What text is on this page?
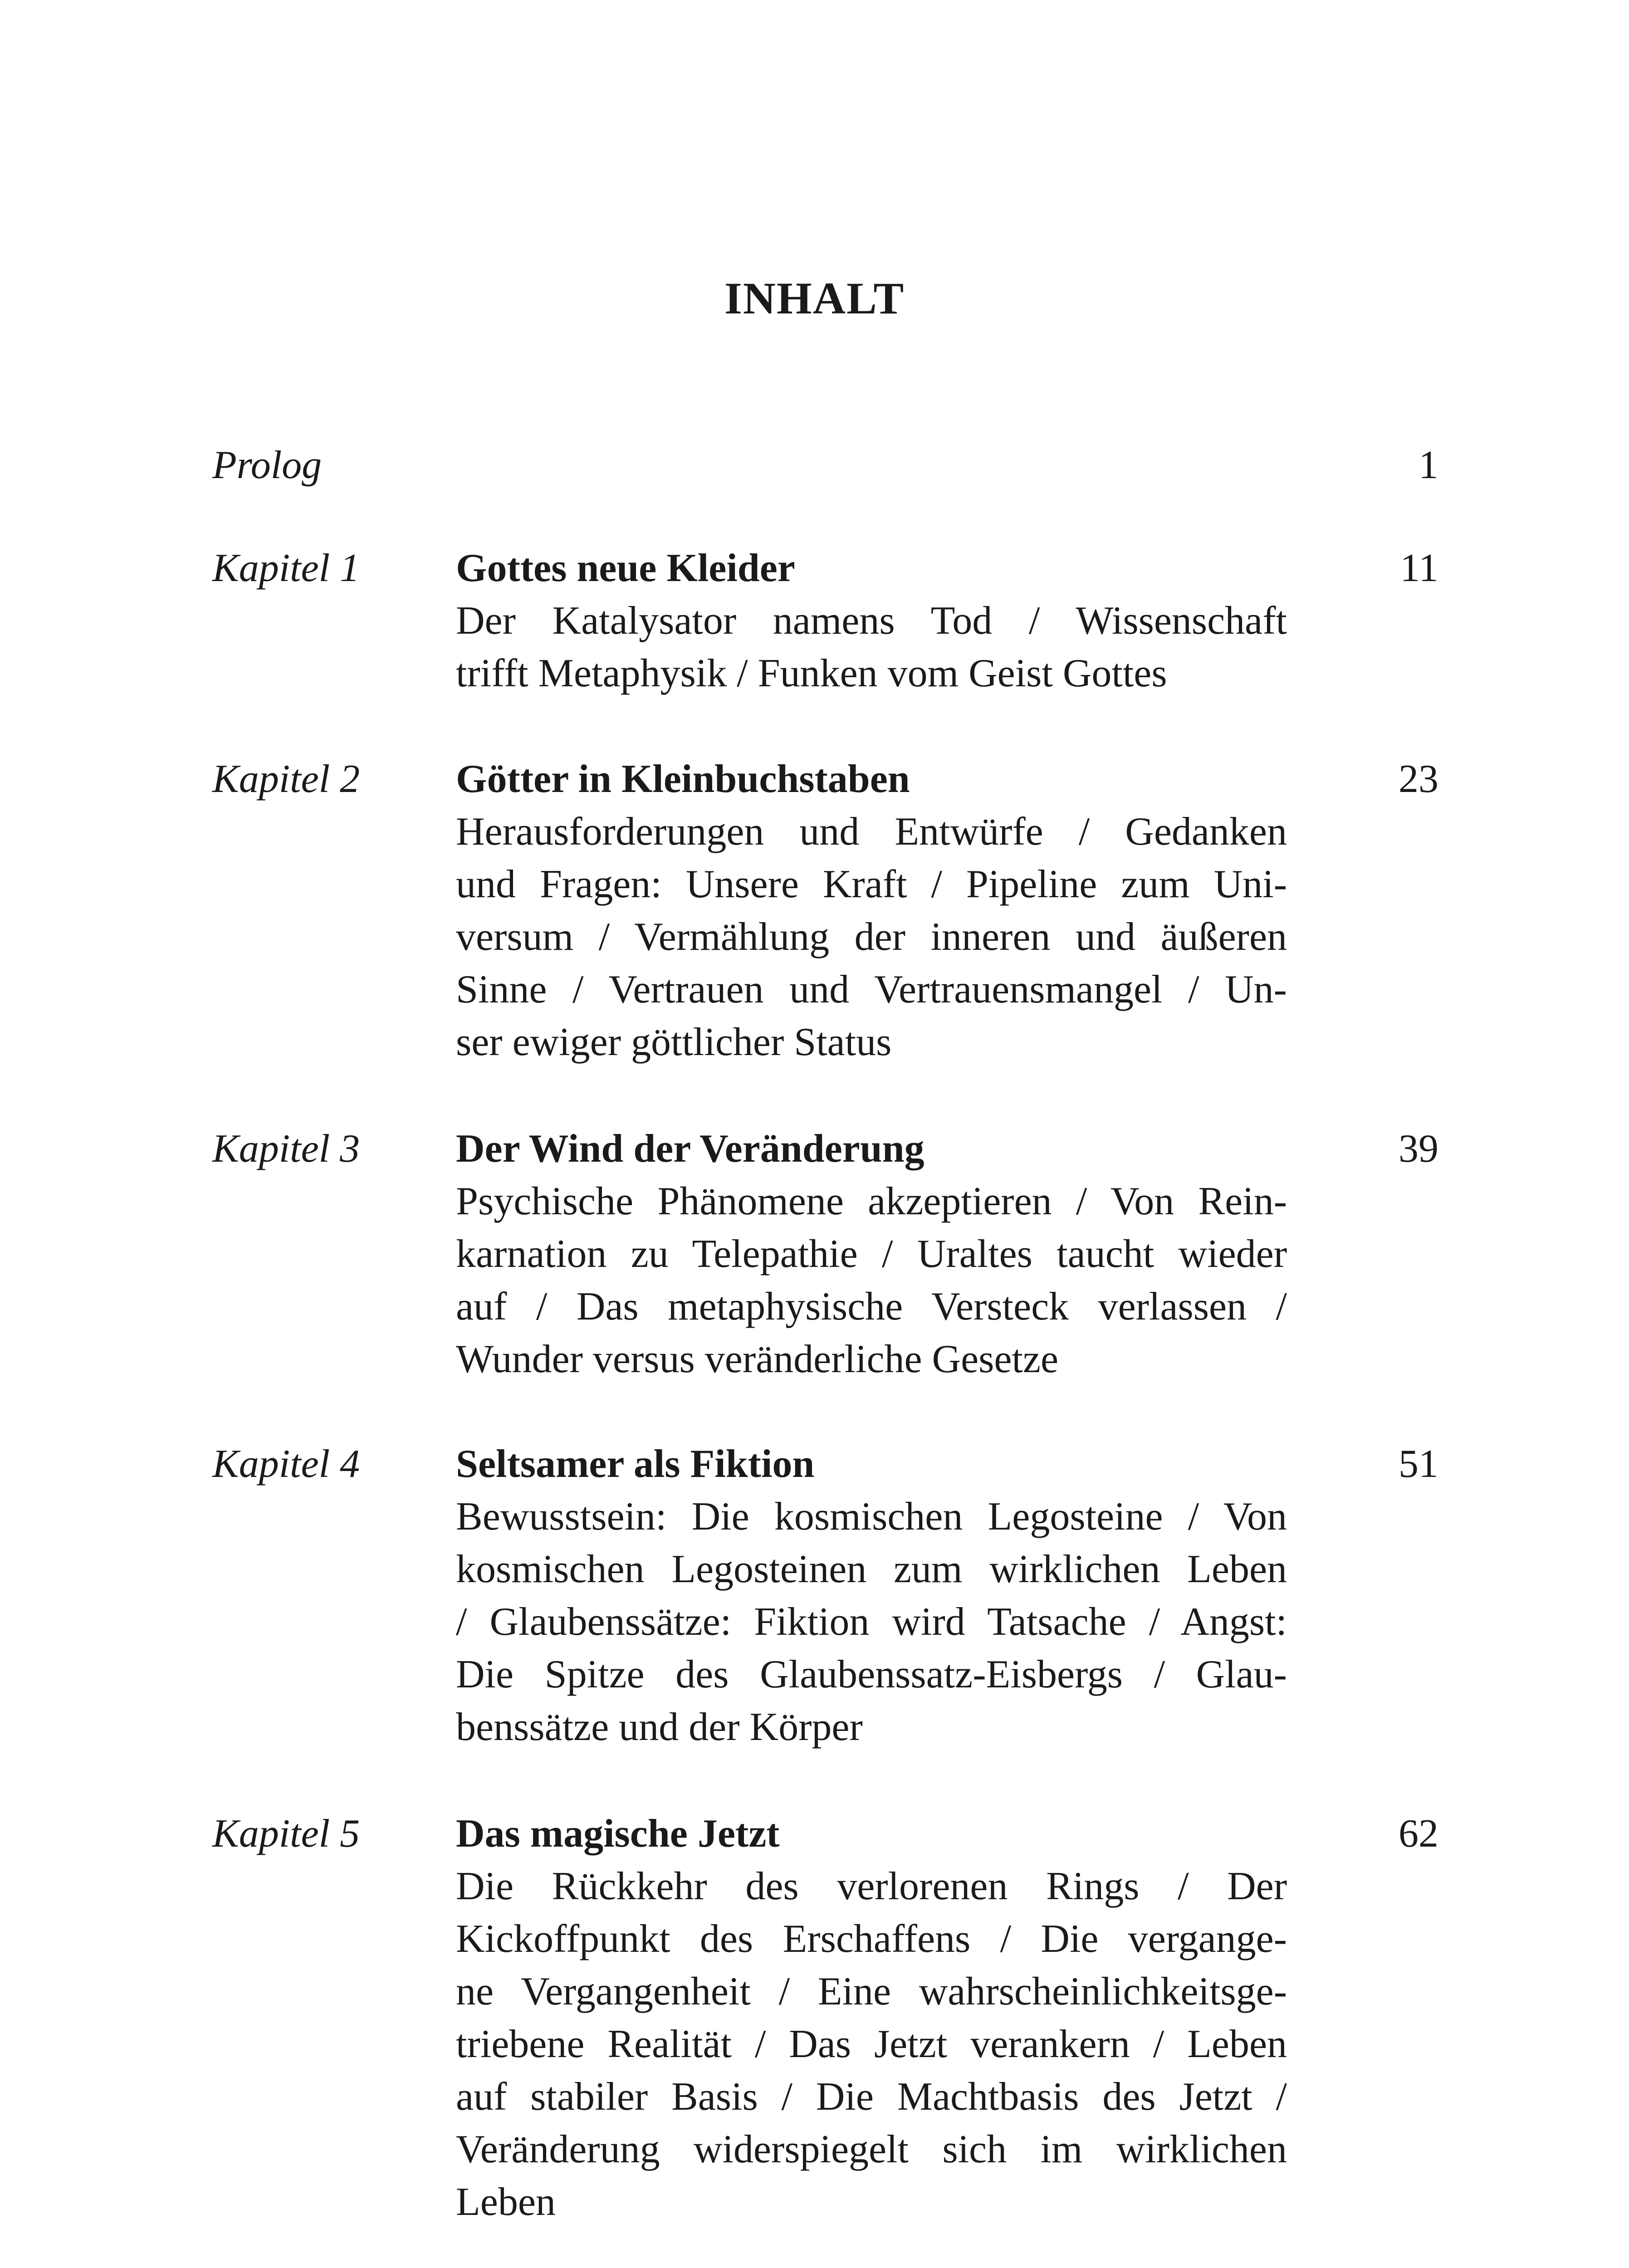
INHALT
Prolog	1
Kapitel 1 Gottes neue Kleider
Der Katalysator namens Tod / Wissenschaft
trifft Metaphysik / Funken vom Geist Gottes
11
Kapitel 2 Götter in Kleinbuchstaben
Herausforderungen und Entwürfe / Gedanken
und Fragen: Unsere Kraft / Pipeline zum Uni-
versum / Vermählung der inneren und äußeren
Sinne / Vertrauen und Vertrauensmangel / Un-
ser ewiger göttlicher Status
23
Kapitel 3 Der Wind der Veränderung
Psychische Phänomene akzeptieren / Von Rein-
karnation zu Telepathie / Uraltes taucht wieder
auf / Das metaphysische Versteck verlassen /
Wunder versus veränderliche Gesetze
39
Kapitel 4 Seltsamer als Fiktion
Bewusstsein: Die kosmischen Legosteine / Von
kosmischen Legosteinen zum wirklichen Leben
/ Glaubenssätze: Fiktion wird Tatsache / Angst:
Die Spitze des Glaubenssatz-Eisbergs / Glau-
benssätze und der Körper
51
Kapitel 5 Das magische Jetzt
Die Rückkehr des verlorenen Rings / Der
Kickoffpunkt des Erschaffens / Die vergange-
ne Vergangenheit / Eine wahrscheinlichkeitsge-
triebene Realität / Das Jetzt verankern / Leben
auf stabiler Basis / Die Machtbasis des Jetzt /
Veränderung widerspiegelt sich im wirklichen
Leben
62
